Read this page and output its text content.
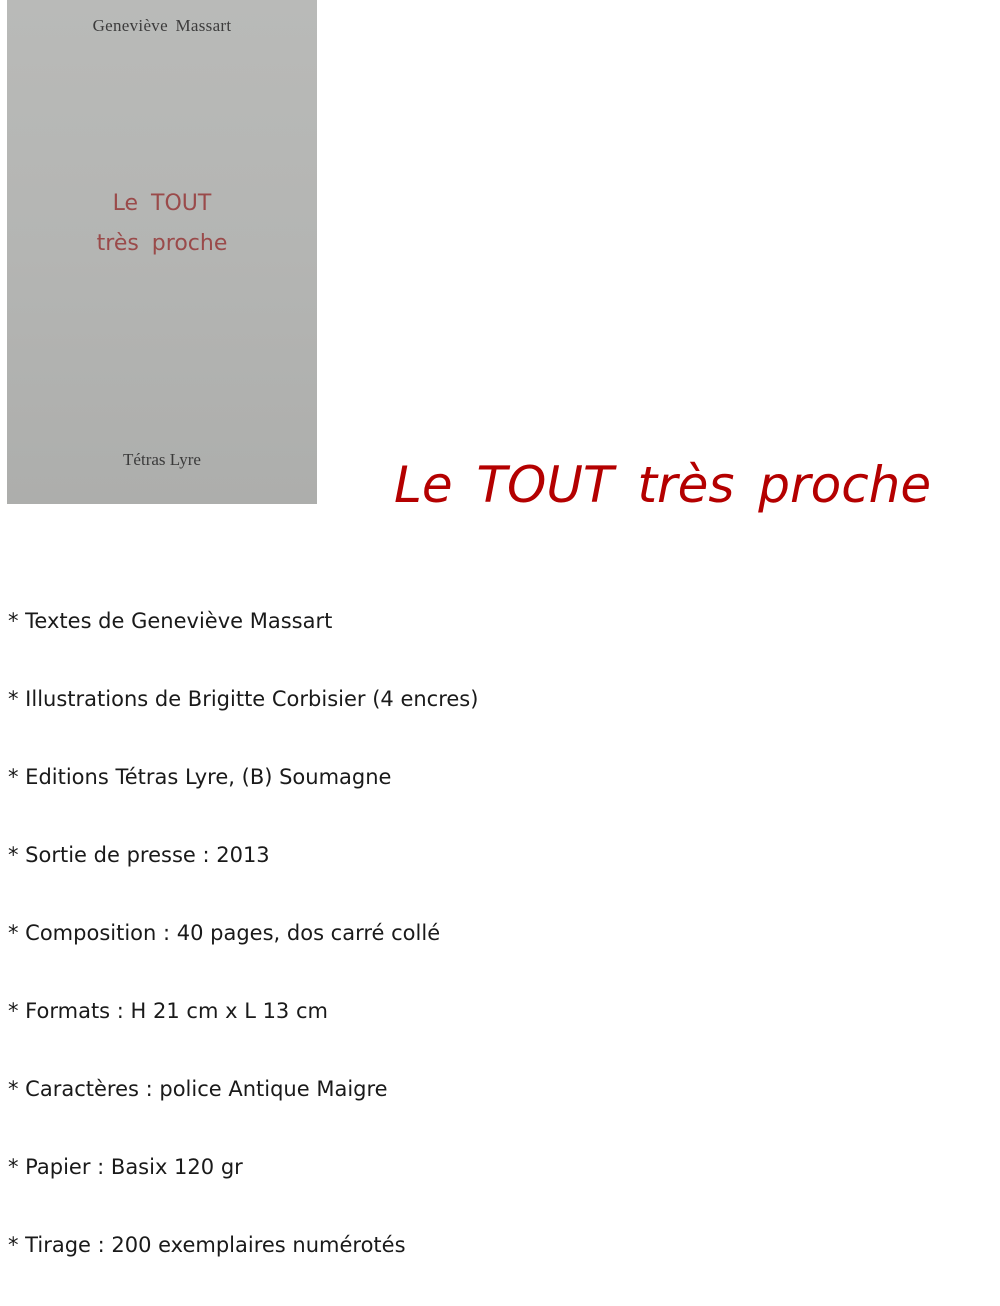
Geneviève Massart
Le TOUT
très proche
Tétras Lyre	Le TOUT très proche
* Textes de Geneviève Massart
* Illustrations de Brigitte Corbisier (4 encres)
* Editions Tétras Lyre, (B) Soumagne
* Sortie de presse : 2013
* Composition : 40 pages, dos carré collé
* Formats : H 21 cm x L 13 cm
* Caractères : police Antique Maigre
* Papier : Basix 120 gr
* Tirage : 200 exemplaires numérotés
